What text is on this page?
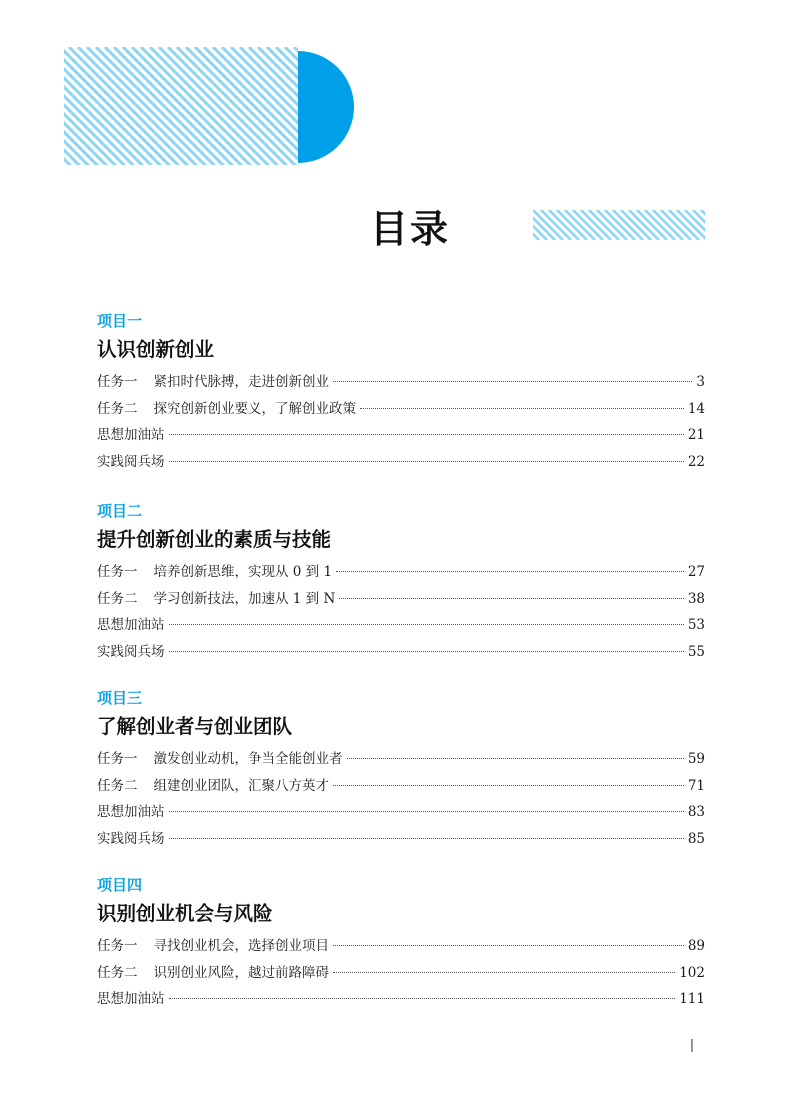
目录
项目一
认识创新创业
任务一 紧扣时代脉搏，走进创新创业	3
任务二 探究创新创业要义，了解创业政策	14
思想加油站	21
实践阅兵场	22
项目二
提升创新创业的素质与技能
任务一 培养创新思维，实现从 0 到 1	27
任务二 学习创新技法，加速从 1 到 N	38
思想加油站	53
实践阅兵场	55
项目三
了解创业者与创业团队
任务一 激发创业动机，争当全能创业者	59
任务二 组建创业团队，汇聚八方英才	71
思想加油站	83
实践阅兵场	85
项目四
识别创业机会与风险
任务一 寻找创业机会，选择创业项目	89
任务二 识别创业风险，越过前路障碍	102
思想加油站	111
|
